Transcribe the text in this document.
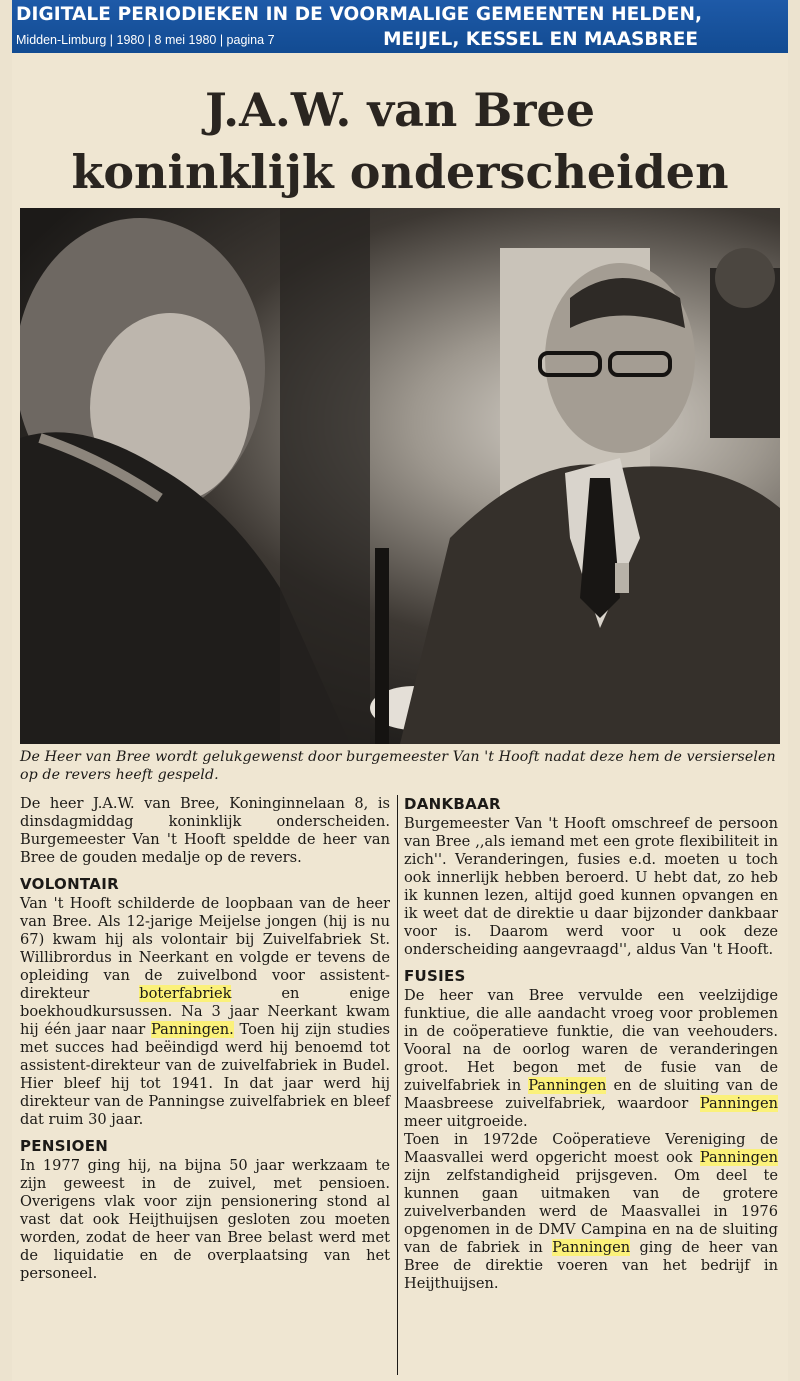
DIGITALE PERIODIEKEN IN DE VOORMALIGE GEMEENTEN HELDEN,
Midden-Limburg | 1980 | 8 mei 1980 | pagina 7	MEIJEL, KESSEL EN MAASBREE
J.A.W. van Bree
koninklijk onderscheiden
De Heer van Bree wordt gelukgewenst door burgemeester Van 't Hooft nadat deze hem de versierselen op de revers heeft gespeld.

De heer J.A.W. van Bree, Koninginnelaan 8, is dinsdagmiddag koninklijk onderscheiden. Burgemeester Van 't Hooft speldde de heer van Bree de gouden medalje op de revers.

VOLONTAIR

Van 't Hooft schilderde de loopbaan van de heer van Bree. Als 12-jarige Meijelse jongen (hij is nu 67) kwam hij als volontair bij Zuivelfabriek St. Willibrordus in Neerkant en volgde er tevens de opleiding van de zuivelbond voor assistent-direkteur boterfabriek en enige boekhoudkursussen. Na 3 jaar Neerkant kwam hij één jaar naar Panningen. Toen hij zijn studies met succes had beëindigd werd hij benoemd tot assistent-direkteur van de zuivelfabriek in Budel. Hier bleef hij tot 1941. In dat jaar werd hij direkteur van de Panningse zuivelfabriek en bleef dat ruim 30 jaar.

PENSIOEN

In 1977 ging hij, na bijna 50 jaar werkzaam te zijn geweest in de zuivel, met pensioen. Overigens vlak voor zijn pensionering stond al vast dat ook Heijthuijsen gesloten zou moeten worden, zodat de heer van Bree belast werd met de liquidatie en de overplaatsing van het personeel.

DANKBAAR

Burgemeester Van 't Hooft omschreef de persoon van Bree ,,als iemand met een grote flexibiliteit in zich''. Veranderingen, fusies e.d. moeten u toch ook innerlijk hebben beroerd. U hebt dat, zo heb ik kunnen lezen, altijd goed kunnen opvangen en ik weet dat de direktie u daar bijzonder dankbaar voor is. Daarom werd voor u ook deze onderscheiding aangevraagd'', aldus Van 't Hooft.

FUSIES

De heer van Bree vervulde een veelzijdige funktiue, die alle aandacht vroeg voor problemen in de coöperatieve funktie, die van veehouders. Vooral na de oorlog waren de veranderingen groot. Het begon met de fusie van de zuivelfabriek in Panningen en de sluiting van de Maasbreese zuivelfabriek, waardoor Panningen meer uitgroeide.

Toen in 1972de Coöperatieve Vereniging de Maasvallei werd opgericht moest ook Panningen zijn zelfstandigheid prijsgeven. Om deel te kunnen gaan uitmaken van de grotere zuivelverbanden werd de Maasvallei in 1976 opgenomen in de DMV Campina en na de sluiting van de fabriek in Panningen ging de heer van Bree de direktie voeren van het bedrijf in Heijthuijsen.
